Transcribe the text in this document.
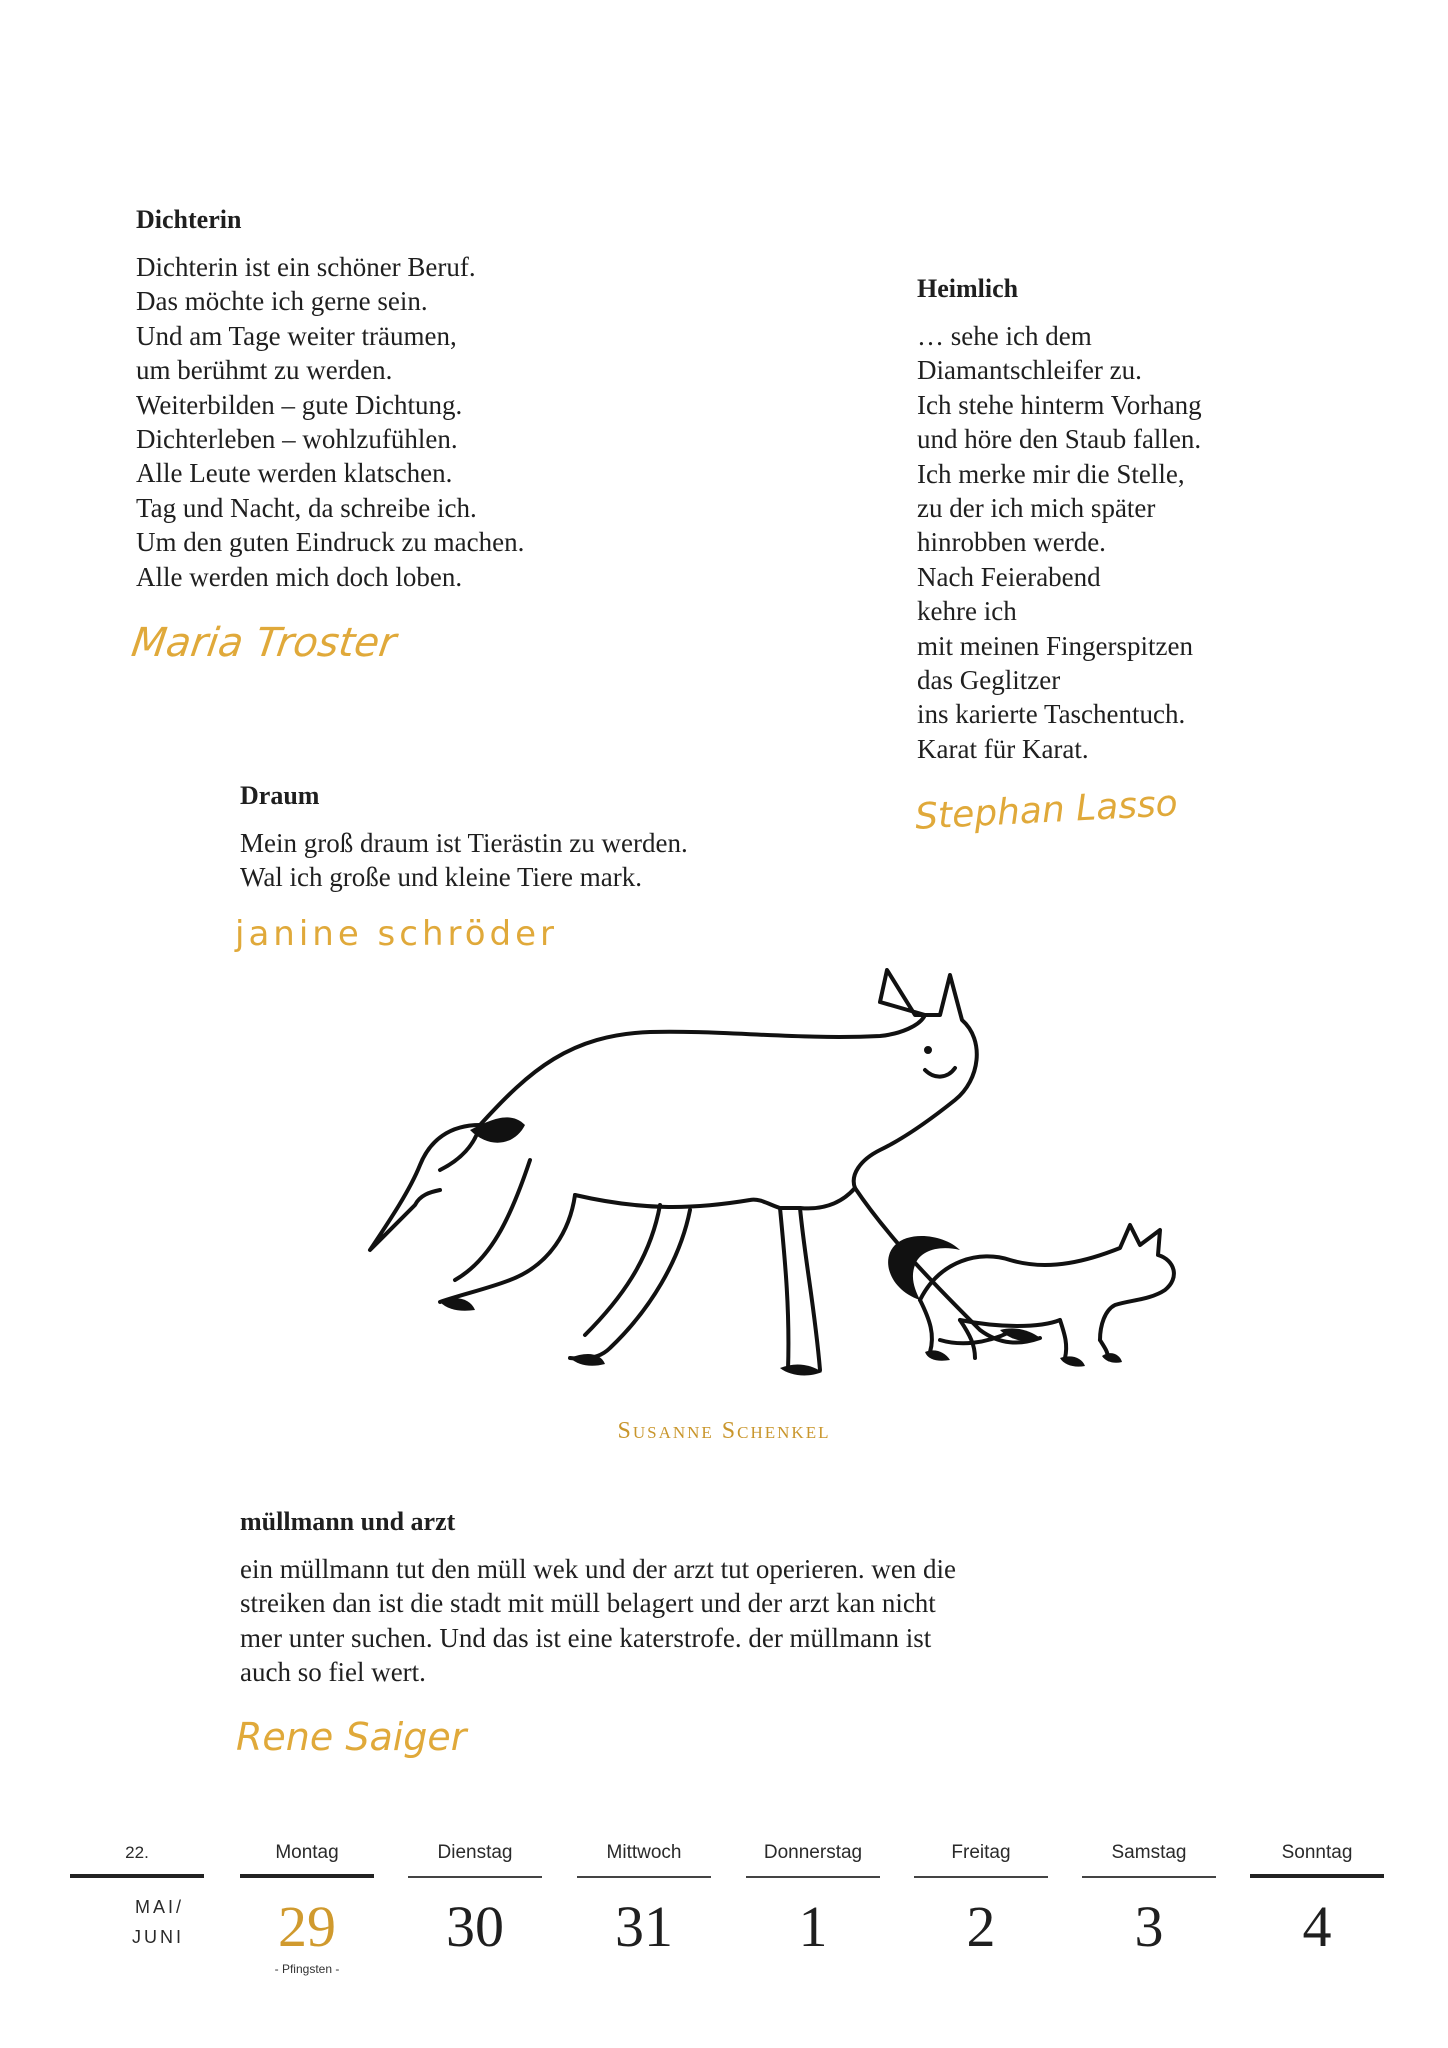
Dichterin
Dichterin ist ein schöner Beruf.
Das möchte ich gerne sein.
Und am Tage weiter träumen,
um berühmt zu werden.
Weiterbilden – gute Dichtung.
Dichterleben – wohlzufühlen.
Alle Leute werden klatschen.
Tag und Nacht, da schreibe ich.
Um den guten Eindruck zu machen.
Alle werden mich doch loben.
Maria Troster
Heimlich
… sehe ich dem
Diamantschleifer zu.
Ich stehe hinterm Vorhang
und höre den Staub fallen.
Ich merke mir die Stelle,
zu der ich mich später
hinrobben werde.
Nach Feierabend
kehre ich
mit meinen Fingerspitzen
das Geglitzer
ins karierte Taschentuch.
Karat für Karat.
Stephan Lasso
Draum
Mein groß draum ist Tierästin zu werden.
Wal ich große und kleine Tiere mark.
janine schröder
Susanne Schenkel
müllmann und arzt
ein müllmann tut den müll wek und der arzt tut operieren. wen die
streiken dan ist die stadt mit müll belagert und der arzt kan nicht
mer unter suchen. Und das ist eine katerstrofe. der müllmann ist
auch so fiel wert.
Rene Saiger
22.
MAI/
JUNI
Montag
29
- Pfingsten -
Dienstag
30
Mittwoch
31
Donnerstag
1
Freitag
2
Samstag
3
Sonntag
4
